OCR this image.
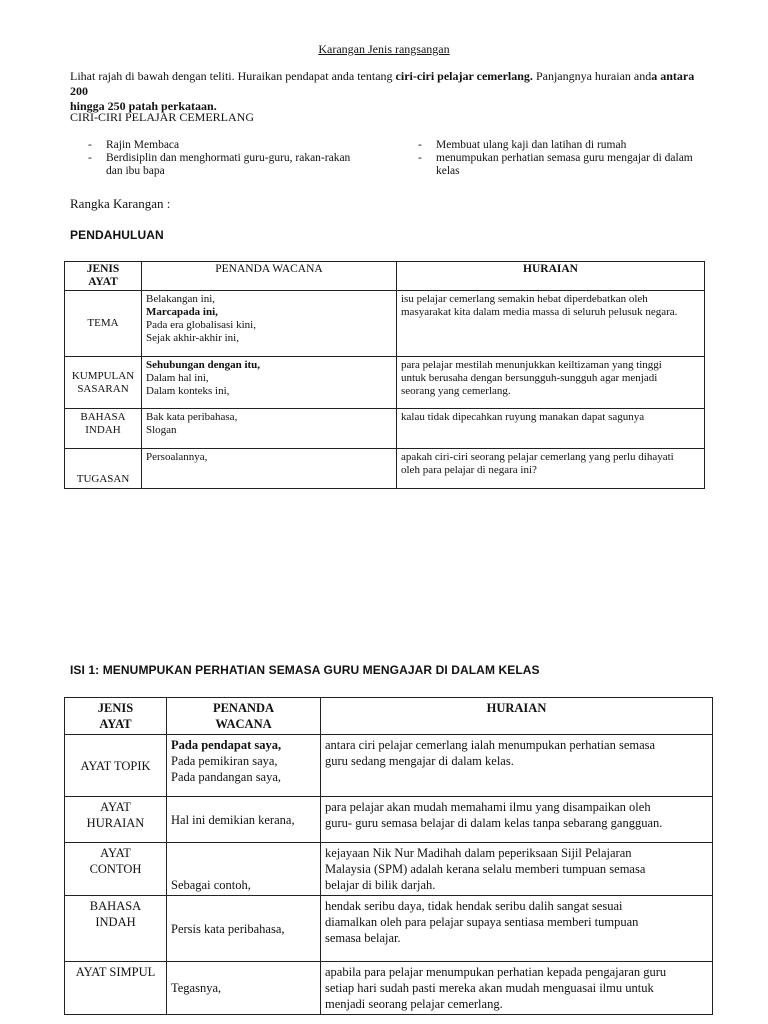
Karangan Jenis rangsangan
Lihat rajah di bawah dengan teliti. Huraikan pendapat anda tentang ciri-ciri pelajar cemerlang. Panjangnya huraian anda antara 200
hingga 250 patah perkataan.
CIRI-CIRI PELAJAR CEMERLANG
-	Rajin Membaca
-	Berdisiplin dan menghormati guru-guru, rakan-rakan
dan ibu bapa
-	Membuat ulang kaji dan latihan di rumah
-	menumpukan perhatian semasa guru mengajar di dalam
kelas
Rangka Karangan :
PENDAHULUAN
JENIS
AYAT	PENANDA WACANA	HURAIAN

TEMA	Belakangan ini,
Marcapada ini,
Pada era globalisasi kini,
Sejak akhir-akhir ini,	isu pelajar cemerlang semakin hebat diperdebatkan oleh
masyarakat kita dalam media massa di seluruh pelusuk negara.

KUMPULAN
SASARAN	Sehubungan dengan itu,
Dalam hal ini,
Dalam konteks ini,	para pelajar mestilah menunjukkan keiltizaman yang tinggi
untuk berusaha dengan bersungguh-sungguh agar menjadi
seorang yang cemerlang.

BAHASA
INDAH	Bak kata peribahasa,
Slogan	kalau tidak dipecahkan ruyung manakan dapat sagunya

TUGASAN	Persoalannya,	apakah ciri-ciri seorang pelajar cemerlang yang perlu dihayati
oleh para pelajar di negara ini?
ISI 1: MENUMPUKAN PERHATIAN SEMASA GURU MENGAJAR DI DALAM KELAS
JENIS
AYAT	PENANDA
WACANA	HURAIAN

AYAT TOPIK	Pada pendapat saya,
Pada pemikiran saya,
Pada pandangan saya,	antara ciri pelajar cemerlang ialah menumpukan perhatian semasa
guru sedang mengajar di dalam kelas.

AYAT
HURAIAN	Hal ini demikian kerana,	para pelajar akan mudah memahami ilmu yang disampaikan oleh
guru- guru semasa belajar di dalam kelas tanpa sebarang gangguan.

AYAT
CONTOH	Sebagai contoh,	kejayaan Nik Nur Madihah dalam peperiksaan Sijil Pelajaran
Malaysia (SPM) adalah kerana selalu memberi tumpuan semasa
belajar di bilik darjah.

BAHASA
INDAH	Persis kata peribahasa,	hendak seribu daya, tidak hendak seribu dalih sangat sesuai
diamalkan oleh para pelajar supaya sentiasa memberi tumpuan
semasa belajar.

AYAT SIMPUL	Tegasnya,	apabila para pelajar menumpukan perhatian kepada pengajaran guru
setiap hari sudah pasti mereka akan mudah menguasai ilmu untuk
menjadi seorang pelajar cemerlang.
